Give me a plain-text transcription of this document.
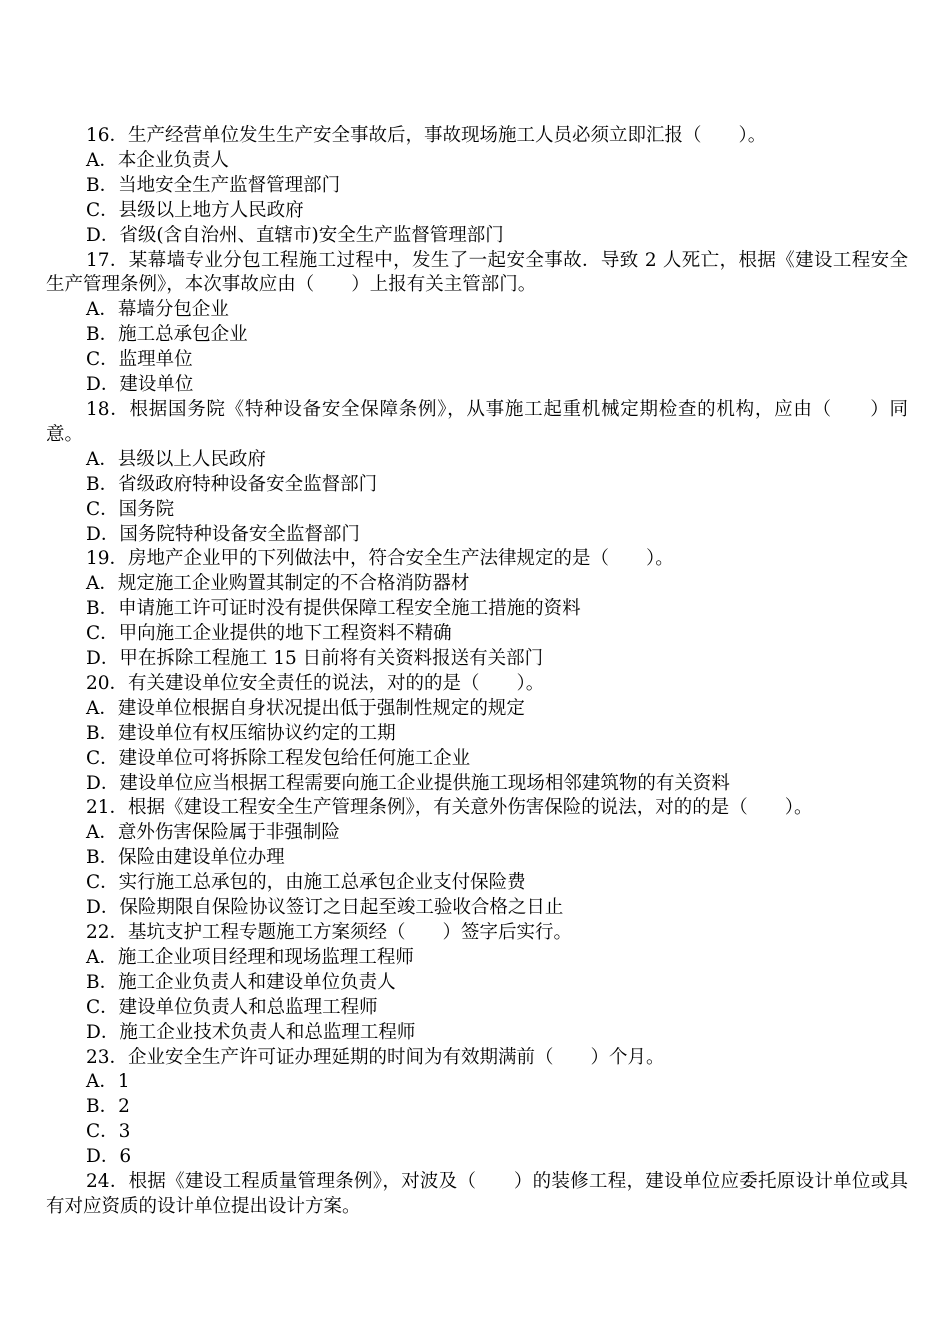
16．生产经营单位发生生产安全事故后，事故现场施工人员必须立即汇报（　　）。

A．本企业负责人

B．当地安全生产监督管理部门

C．县级以上地方人民政府

D．省级(含自治州、直辖市)安全生产监督管理部门

17．某幕墙专业分包工程施工过程中，发生了一起安全事故．导致 2 人死亡，根据《建设工程安全生产管理条例》，本次事故应由（　　）上报有关主管部门。

A．幕墙分包企业

B．施工总承包企业

C．监理单位

D．建设单位

18．根据国务院《特种设备安全保障条例》，从事施工起重机械定期检查的机构，应由（　　）同意。

A．县级以上人民政府

B．省级政府特种设备安全监督部门

C．国务院

D．国务院特种设备安全监督部门

19．房地产企业甲的下列做法中，符合安全生产法律规定的是（　　）。

A．规定施工企业购置其制定的不合格消防器材

B．申请施工许可证时没有提供保障工程安全施工措施的资料

C．甲向施工企业提供的地下工程资料不精确

D．甲在拆除工程施工 15 日前将有关资料报送有关部门

20．有关建设单位安全责任的说法，对的的是（　　）。

A．建设单位根据自身状况提出低于强制性规定的规定

B．建设单位有权压缩协议约定的工期

C．建设单位可将拆除工程发包给任何施工企业

D．建设单位应当根据工程需要向施工企业提供施工现场相邻建筑物的有关资料

21．根据《建设工程安全生产管理条例》，有关意外伤害保险的说法，对的的是（　　）。

A．意外伤害保险属于非强制险

B．保险由建设单位办理

C．实行施工总承包的，由施工总承包企业支付保险费

D．保险期限自保险协议签订之日起至竣工验收合格之日止

22．基坑支护工程专题施工方案须经（　　）签字后实行。

A．施工企业项目经理和现场监理工程师

B．施工企业负责人和建设单位负责人

C．建设单位负责人和总监理工程师

D．施工企业技术负责人和总监理工程师

23．企业安全生产许可证办理延期的时间为有效期满前（　　）个月。

A．1

B．2

C．3

D．6

24．根据《建设工程质量管理条例》，对波及（　　）的装修工程，建设单位应委托原设计单位或具有对应资质的设计单位提出设计方案。
